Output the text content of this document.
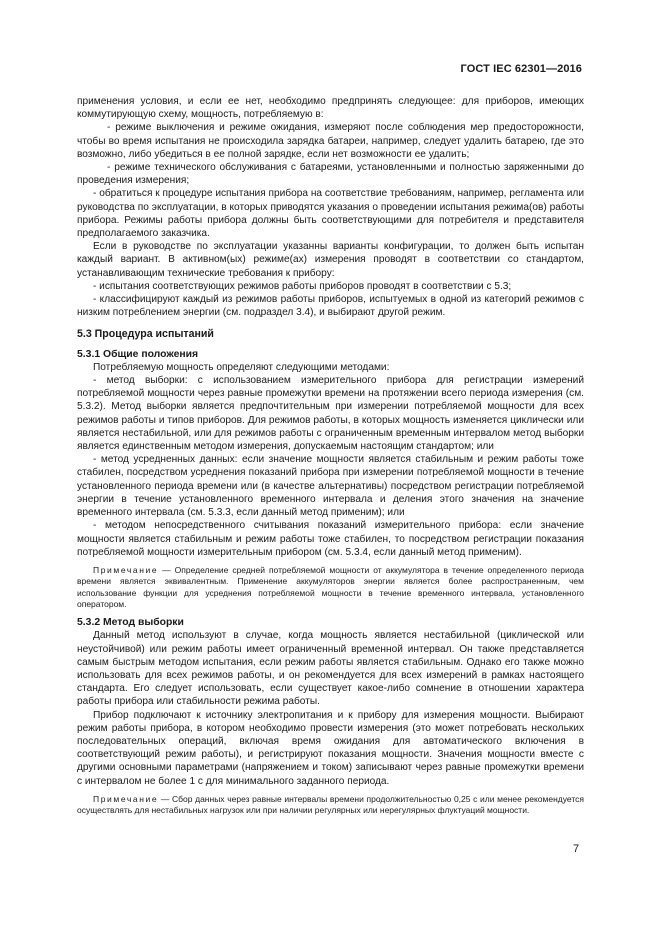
ГОСТ IEC 62301—2016

применения условия, и если ее нет, необходимо предпринять следующее: для приборов, имеющих коммутирующую схему, мощность, потребляемую в:

- режиме выключения и режиме ожидания, измеряют после соблюдения мер предосторожности, чтобы во время испытания не происходила зарядка батареи, например, следует удалить батарею, где это возможно, либо убедиться в ее полной зарядке, если нет возможности ее удалить;

- режиме технического обслуживания с батареями, установленными и полностью заряженными до проведения измерения;

- обратиться к процедуре испытания прибора на соответствие требованиям, например, регламента или руководства по эксплуатации, в которых приводятся указания о проведении испытания режима(ов) работы прибора. Режимы работы прибора должны быть соответствующими для потребителя и представителя предполагаемого заказчика.

Если в руководстве по эксплуатации указанны варианты конфигурации, то должен быть испытан каждый вариант. В активном(ых) режиме(ах) измерения проводят в соответствии со стандартом, устанавливающим технические требования к прибору:

- испытания соответствующих режимов работы приборов проводят в соответствии с 5.3;

- классифицируют каждый из режимов работы приборов, испытуемых в одной из категорий режимов с низким потреблением энергии (см. подраздел 3.4), и выбирают другой режим.

5.3 Процедура испытаний

5.3.1 Общие положения

Потребляемую мощность определяют следующими методами:

- метод выборки: с использованием измерительного прибора для регистрации измерений потребляемой мощности через равные промежутки времени на протяжении всего периода измерения (см. 5.3.2). Метод выборки является предпочтительным при измерении потребляемой мощности для всех режимов работы и типов приборов. Для режимов работы, в которых мощность изменяется циклически или является нестабильной, или для режимов работы с ограниченным временным интервалом метод выборки является единственным методом измерения, допускаемым настоящим стандартом; или

- метод усредненных данных: если значение мощности является стабильным и режим работы тоже стабилен, посредством усреднения показаний прибора при измерении потребляемой мощности в течение установленного периода времени или (в качестве альтернативы) посредством регистрации потребляемой энергии в течение установленного временного интервала и деления этого значения на значение временного интервала (см. 5.3.3, если данный метод применим); или

- методом непосредственного считывания показаний измерительного прибора: если значение мощности является стабильным и режим работы тоже стабилен, то посредством регистрации показания потребляемой мощности измерительным прибором (см. 5.3.4, если данный метод применим).

Примечание — Определение средней потребляемой мощности от аккумулятора в течение определенного периода времени является эквивалентным. Применение аккумуляторов энергии является более распространенным, чем использование функции для усреднения потребляемой мощности в течение временного интервала, установленного оператором.

5.3.2 Метод выборки

Данный метод используют в случае, когда мощность является нестабильной (циклической или неустойчивой) или режим работы имеет ограниченный временной интервал. Он также представляется самым быстрым методом испытания, если режим работы является стабильным. Однако его также можно использовать для всех режимов работы, и он рекомендуется для всех измерений в рамках настоящего стандарта. Его следует использовать, если существует какое-либо сомнение в отношении характера работы прибора или стабильности режима работы.

Прибор подключают к источнику электропитания и к прибору для измерения мощности. Выбирают режим работы прибора, в котором необходимо провести измерения (это может потребовать нескольких последовательных операций, включая время ожидания для автоматического включения в соответствующий режим работы), и регистрируют показания мощности. Значения мощности вместе с другими основными параметрами (напряжением и током) записывают через равные промежутки времени с интервалом не более 1 с для минимального заданного периода.

Примечание — Сбор данных через равные интервалы времени продолжительностью 0,25 с или менее рекомендуется осуществлять для нестабильных нагрузок или при наличии регулярных или нерегулярных флуктуаций мощности.

7
